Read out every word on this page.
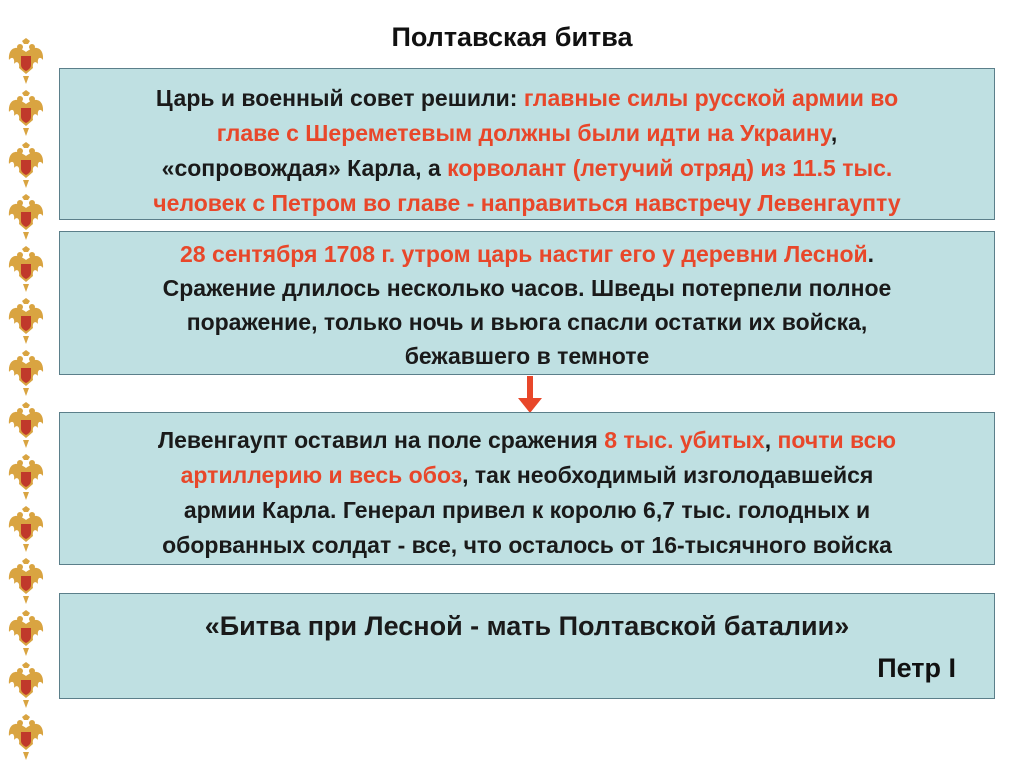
Полтавская битва
Царь и военный совет решили: главные силы русской армии во
главе с Шереметевым должны были идти на Украину,
«сопровождая» Карла, а корволант (летучий отряд) из 11.5 тыс.
человек с Петром во главе - направиться навстречу Левенгаупту
28 сентября 1708 г. утром царь настиг его у деревни Лесной.
Сражение длилось несколько часов. Шведы потерпели полное
поражение, только ночь и вьюга спасли остатки их войска,
бежавшего в темноте
Левенгаупт оставил на поле сражения 8 тыс. убитых, почти всю
артиллерию и весь обоз, так необходимый изголодавшейся
армии Карла. Генерал привел к королю 6,7 тыс. голодных и
оборванных солдат - все, что осталось от 16-тысячного войска
«Битва при Лесной - мать Полтавской баталии»
Петр I
